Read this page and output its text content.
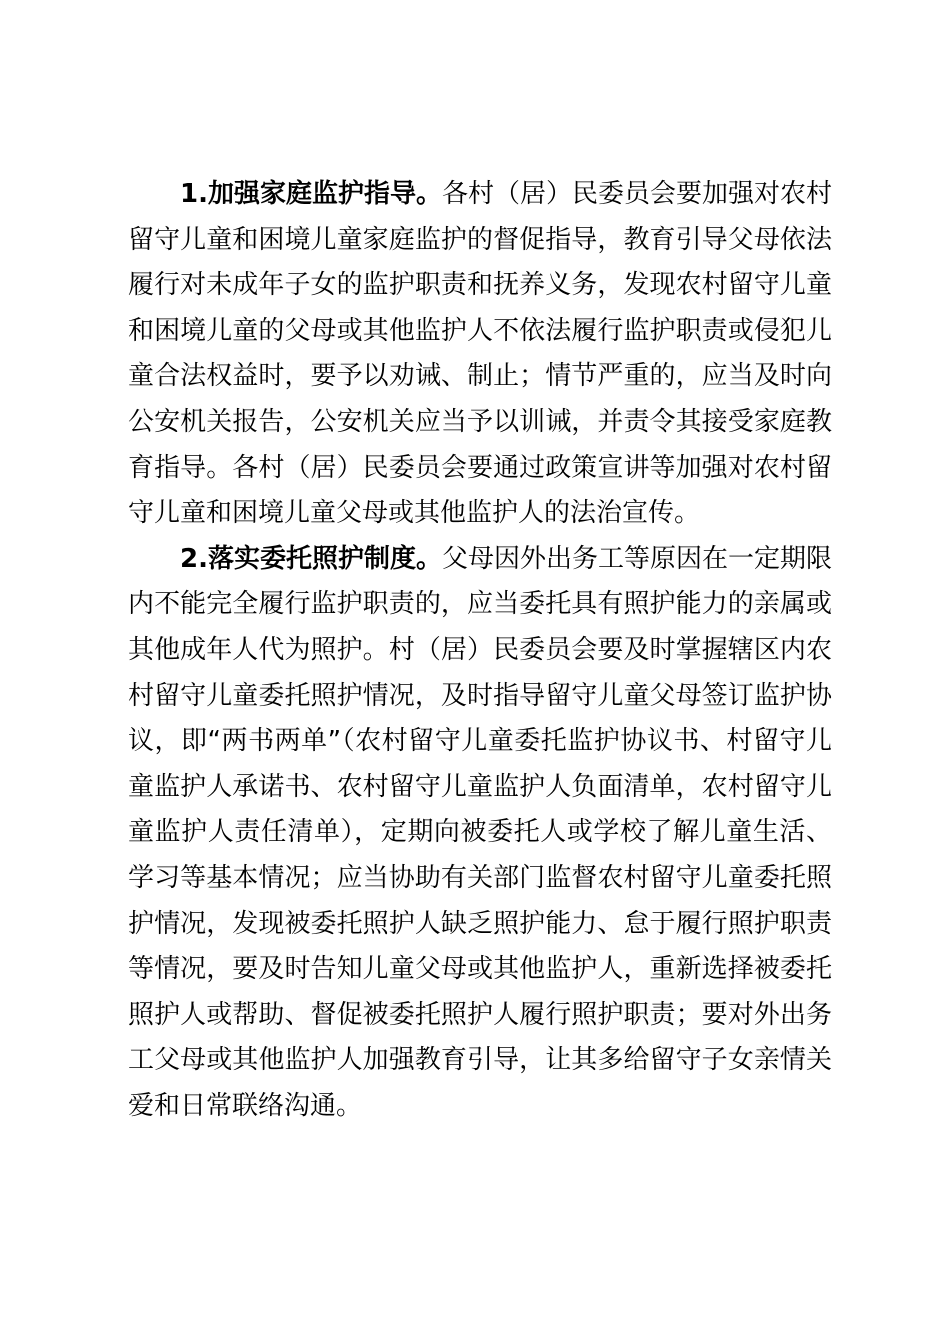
1.加强家庭监护指导。各村（居）民委员会要加强对农村
留守儿童和困境儿童家庭监护的督促指导，教育引导父母依法
履行对未成年子女的监护职责和抚养义务，发现农村留守儿童
和困境儿童的父母或其他监护人不依法履行监护职责或侵犯儿
童合法权益时，要予以劝诫、制止；情节严重的，应当及时向
公安机关报告，公安机关应当予以训诫，并责令其接受家庭教
育指导。各村（居）民委员会要通过政策宣讲等加强对农村留
守儿童和困境儿童父母或其他监护人的法治宣传。
2.落实委托照护制度。父母因外出务工等原因在一定期限
内不能完全履行监护职责的，应当委托具有照护能力的亲属或
其他成年人代为照护。村（居）民委员会要及时掌握辖区内农
村留守儿童委托照护情况，及时指导留守儿童父母签订监护协
议，即“两书两单”（农村留守儿童委托监护协议书、村留守儿
童监护人承诺书、农村留守儿童监护人负面清单，农村留守儿
童监护人责任清单），定期向被委托人或学校了解儿童生活、
学习等基本情况；应当协助有关部门监督农村留守儿童委托照
护情况，发现被委托照护人缺乏照护能力、怠于履行照护职责
等情况，要及时告知儿童父母或其他监护人，重新选择被委托
照护人或帮助、督促被委托照护人履行照护职责；要对外出务
工父母或其他监护人加强教育引导，让其多给留守子女亲情关
爱和日常联络沟通。
